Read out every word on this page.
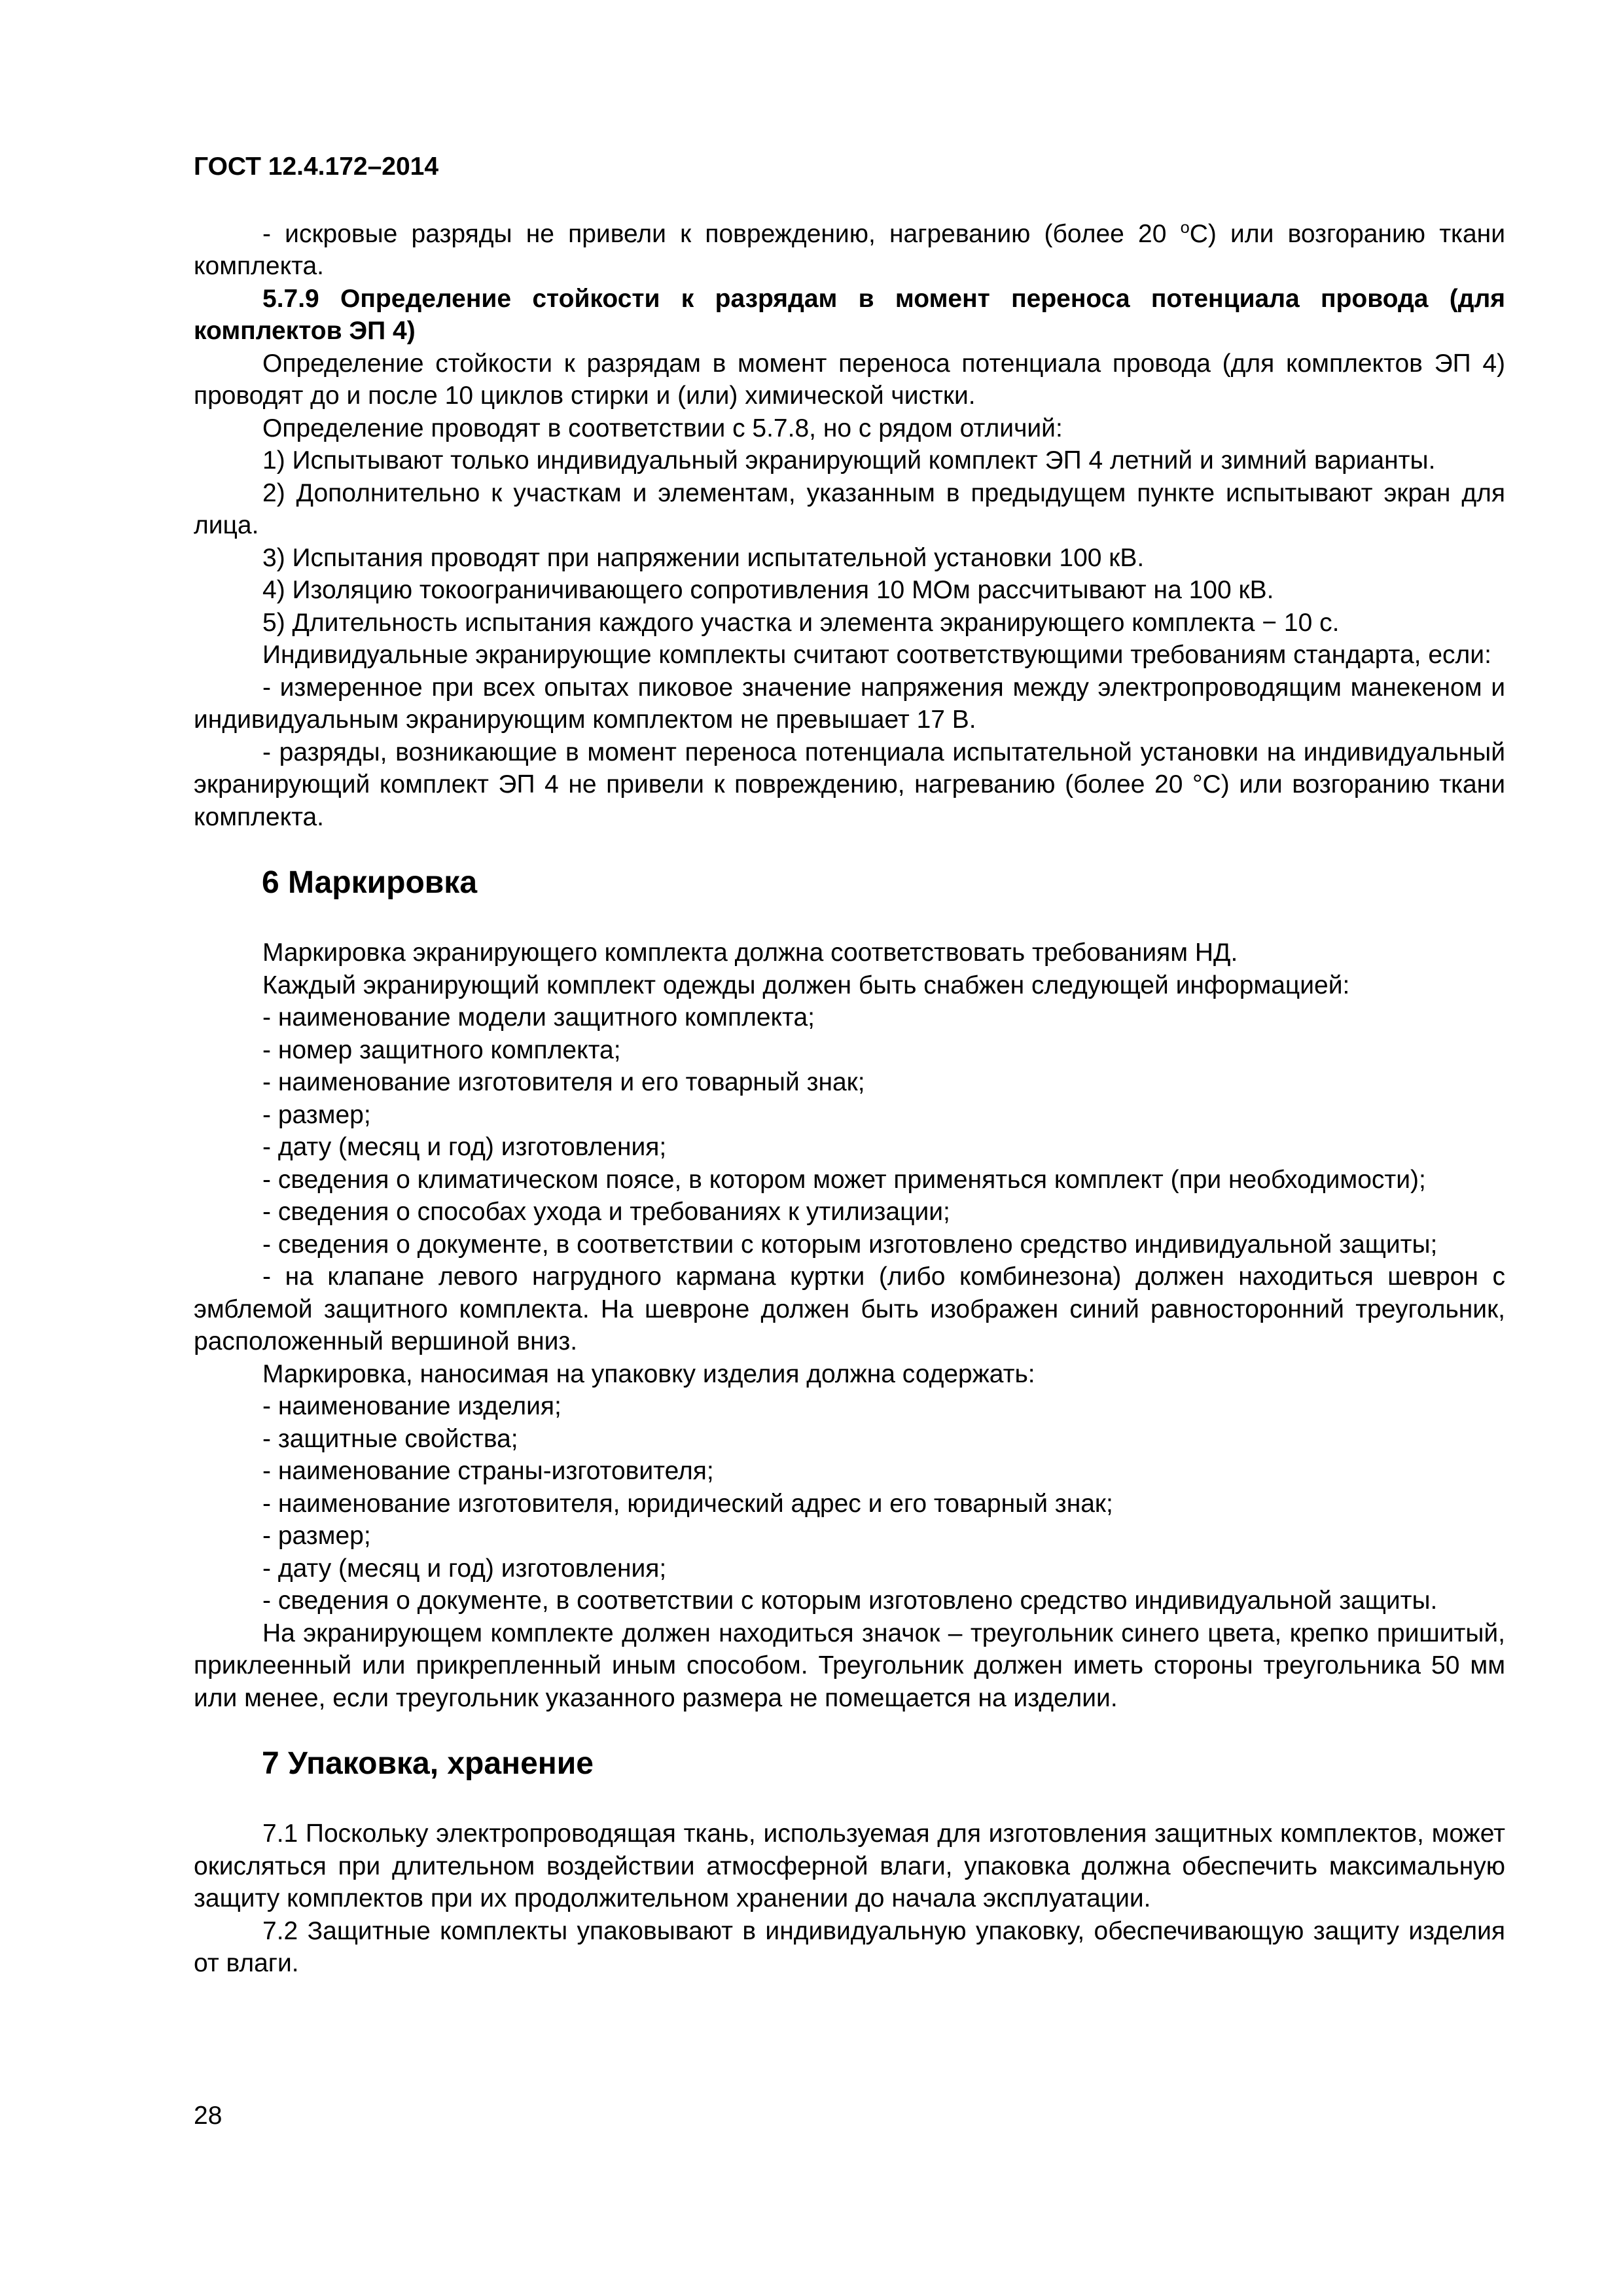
ГОСТ 12.4.172–2014

- искровые разряды не привели к повреждению, нагреванию (более 20 $^о$С) или возгоранию ткани комплекта.

5.7.9 Определение стойкости к разрядам в момент переноса потенциала провода (для комплектов ЭП 4)

Определение стойкости к разрядам в момент переноса потенциала провода (для комплектов ЭП 4) проводят до и после 10 циклов стирки и (или) химической чистки.

Определение проводят в соответствии с 5.7.8, но с рядом отличий:

1) Испытывают только индивидуальный экранирующий комплект ЭП 4 летний и зимний варианты.

2) Дополнительно к участкам и элементам, указанным в предыдущем пункте испытывают экран для лица.

3) Испытания проводят при напряжении испытательной установки 100 кВ.

4) Изоляцию токоограничивающего сопротивления 10 МОм рассчитывают на 100 кВ.

5) Длительность испытания каждого участка и элемента экранирующего комплекта − 10 с.

Индивидуальные экранирующие комплекты считают соответствующими требованиям стандарта, если:

- измеренное при всех опытах пиковое значение напряжения между электропроводящим манекеном и индивидуальным экранирующим комплектом не превышает 17 В.

- разряды, возникающие в момент переноса потенциала испытательной установки на индивидуальный экранирующий комплект ЭП 4 не привели к повреждению, нагреванию (более 20 °С) или возгоранию ткани комплекта.

6 Маркировка

Маркировка экранирующего комплекта должна соответствовать требованиям НД.

Каждый экранирующий комплект одежды должен быть снабжен следующей информацией:

- наименование модели защитного комплекта;

- номер защитного комплекта;

- наименование изготовителя и его товарный знак;

- размер;

- дату (месяц и год) изготовления;

- сведения о климатическом поясе, в котором может применяться комплект (при необходимости);

- сведения о способах ухода и требованиях к утилизации;

- сведения о документе, в соответствии с которым изготовлено средство индивидуальной защиты;

- на клапане левого нагрудного кармана куртки (либо комбинезона) должен находиться шеврон с эмблемой защитного комплекта. На шевроне должен быть изображен синий равносторонний треугольник, расположенный вершиной вниз.

Маркировка, наносимая на упаковку изделия должна содержать:

- наименование изделия;

- защитные свойства;

- наименование страны-изготовителя;

- наименование изготовителя, юридический адрес и его товарный знак;

- размер;

- дату (месяц и год) изготовления;

- сведения о документе, в соответствии с которым изготовлено средство индивидуальной защиты.

На экранирующем комплекте должен находиться значок – треугольник синего цвета, крепко пришитый, приклеенный или прикрепленный иным способом. Треугольник должен иметь стороны треугольника 50 мм или менее, если треугольник указанного размера не помещается на изделии.

7 Упаковка, хранение

7.1 Поскольку электропроводящая ткань, используемая для изготовления защитных комплектов, может окисляться при длительном воздействии атмосферной влаги, упаковка должна обеспечить максимальную защиту комплектов при их продолжительном хранении до начала эксплуатации.

7.2 Защитные комплекты упаковывают в индивидуальную упаковку, обеспечивающую защиту изделия от влаги.

28
